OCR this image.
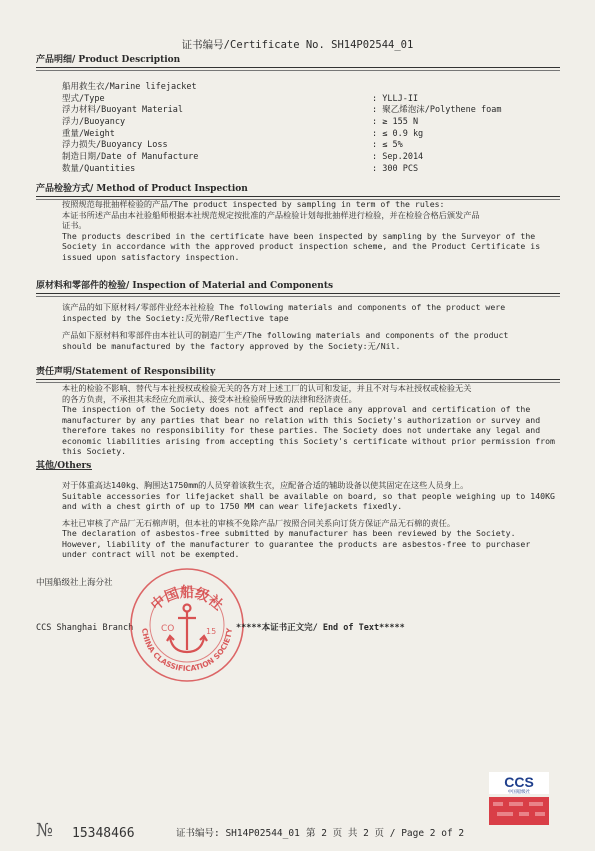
证书编号/Certificate No. SH14P02544_01
产品明细/ Product Description
船用救生衣/Marine lifejacket
型式/Type	: YLLJ-II
浮力材料/Buoyant Material	: 聚乙烯泡沫/Polythene foam
浮力/Buoyancy	: ≥ 155 N
重量/Weight	: ≤ 0.9 kg
浮力损失/Buoyancy Loss	: ≤ 5%
制造日期/Date of Manufacture	: Sep.2014
数量/Quantities	: 300 PCS
产品检验方式/ Method of Product Inspection

按照规范每批抽样检验的产品/The product inspected by sampling in term of the rules:

本证书所述产品由本社验船师根据本社规范规定按批准的产品检验计划每批抽样进行检验，并在检验合格后颁发产品

证书。

The products described in the certificate have been inspected by sampling by the Surveyor of the

Society in accordance with the approved product inspection scheme, and the Product Certificate is

issued upon satisfactory inspection.

原材料和零部件的检验/ Inspection of Material and Components

该产品的如下原材料/零部件业经本社检验 The following materials and components of the product were

inspected by the Society:反光带/Reflective tape

产品如下原材料和零部件由本社认可的制造厂生产/The following materials and components of the product

should be manufactured by the factory approved by the Society:无/Nil.

责任声明/Statement of Responsibility

本社的检验不影响、替代与本社授权或检验无关的各方对上述工厂的认可和发证，并且不对与本社授权或检验无关

的各方负责，不承担其未经应允而承认、接受本社检验所导致的法律和经济责任。

The inspection of the Society does not affect and replace any approval and certification of the

manufacturer by any parties that bear no relation with this Society's authorization or survey and

therefore takes no responsibility for these parties. The Society does not undertake any legal and

economic liabilities arising from accepting this Society's certificate without prior permission from

this Society.

其他/Others

对于体重高达140kg、胸围达1750mm的人员穿着该救生衣，应配备合适的辅助设备以使其固定在这些人员身上。

Suitable accessories for lifejacket shall be available on board, so that people weighing up to 140KG

and with a chest girth of up to 1750 MM can wear lifejackets fixedly.

本社已审核了产品厂无石棉声明，但本社的审核不免除产品厂按照合同关系向订货方保证产品无石棉的责任。

The declaration of asbestos-free submitted by manufacturer has been reviewed by the Society.

However, liability of the manufacturer to guarantee the products are asbestos-free to purchaser

under contract will not be exempted.

中国船级社上海分社
CCS Shanghai Branch
中国船级社
CHINA CLASSIFICATION SOCIETY
CO	15 *****本证书正文完/ End of Text*****
CCS
中国船级社
№ 15348466	证书编号: SH14P02544_01 第 2 页 共 2 页 / Page 2 of 2
